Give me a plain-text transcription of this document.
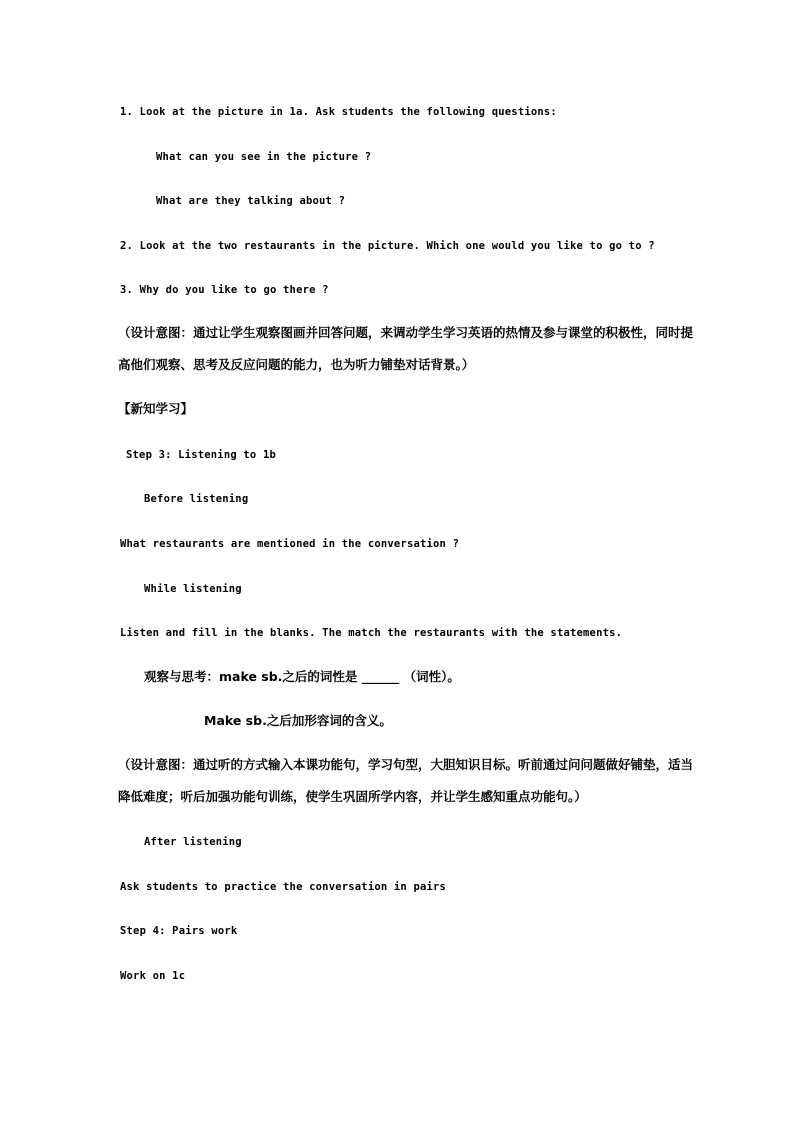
1. Look at the picture in 1a. Ask students the following questions:
What can you see in the picture ?
What are they talking about ?
2. Look at the two restaurants in the picture. Which one would you like to go to ?
3. Why do you like to go there ?
（设计意图：通过让学生观察图画并回答问题，来调动学生学习英语的热情及参与课堂的积极性，同时提
高他们观察、思考及反应问题的能力，也为听力铺垫对话背景。）
【新知学习】
Step 3: Listening to 1b
Before listening
What restaurants are mentioned in the conversation ?
While listening
Listen and fill in the blanks. The match the restaurants with the statements.
观察与思考：make sb.之后的词性是 ______ （词性）。
Make sb.之后加形容词的含义。
（设计意图：通过听的方式输入本课功能句，学习句型，大胆知识目标。听前通过问问题做好铺垫，适当
降低难度；听后加强功能句训练，使学生巩固所学内容，并让学生感知重点功能句。）
After listening
Ask students to practice the conversation in pairs
Step 4: Pairs work
Work on 1c
